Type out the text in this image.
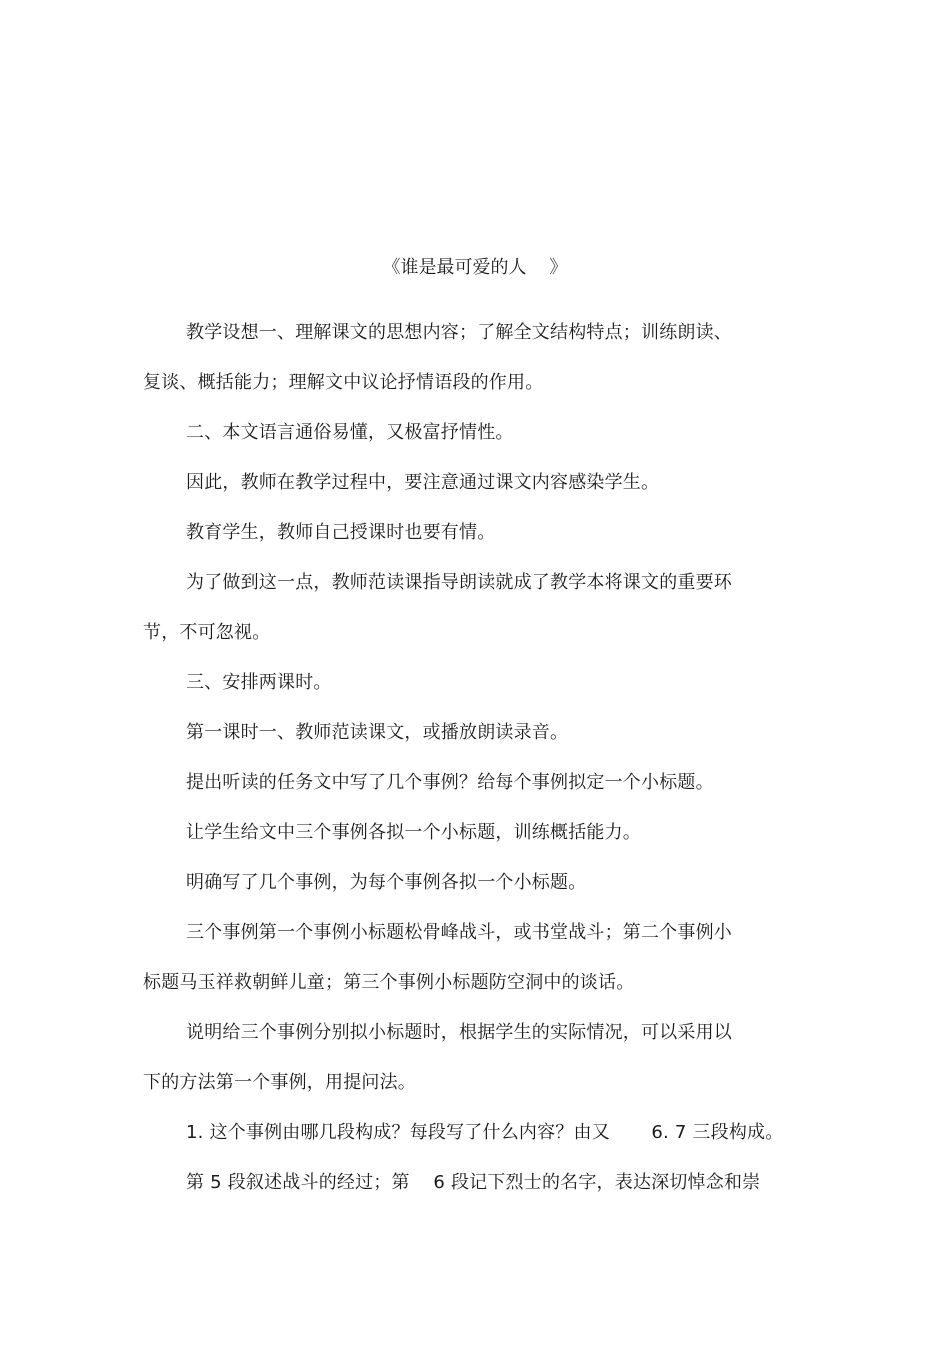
《谁是最可爱的人    》
教学设想一、理解课文的思想内容；了解全文结构特点；训练朗读、
复谈、概括能力；理解文中议论抒情语段的作用。
二、本文语言通俗易懂，又极富抒情性。
因此，教师在教学过程中，要注意通过课文内容感染学生。
教育学生，教师自己授课时也要有情。
为了做到这一点，教师范读课指导朗读就成了教学本将课文的重要环
节，不可忽视。
三、安排两课时。
第一课时一、教师范读课文，或播放朗读录音。
提出听读的任务文中写了几个事例？给每个事例拟定一个小标题。
让学生给文中三个事例各拟一个小标题，训练概括能力。
明确写了几个事例，为每个事例各拟一个小标题。
三个事例第一个事例小标题松骨峰战斗，或书堂战斗；第二个事例小
标题马玉祥救朝鲜儿童；第三个事例小标题防空洞中的谈话。
说明给三个事例分别拟小标题时，根据学生的实际情况，可以采用以
下的方法第一个事例，用提问法。
1. 这个事例由哪几段构成？每段写了什么内容？由又       6. 7 三段构成。
第 5 段叙述战斗的经过；第    6 段记下烈士的名字，表达深切悼念和崇
